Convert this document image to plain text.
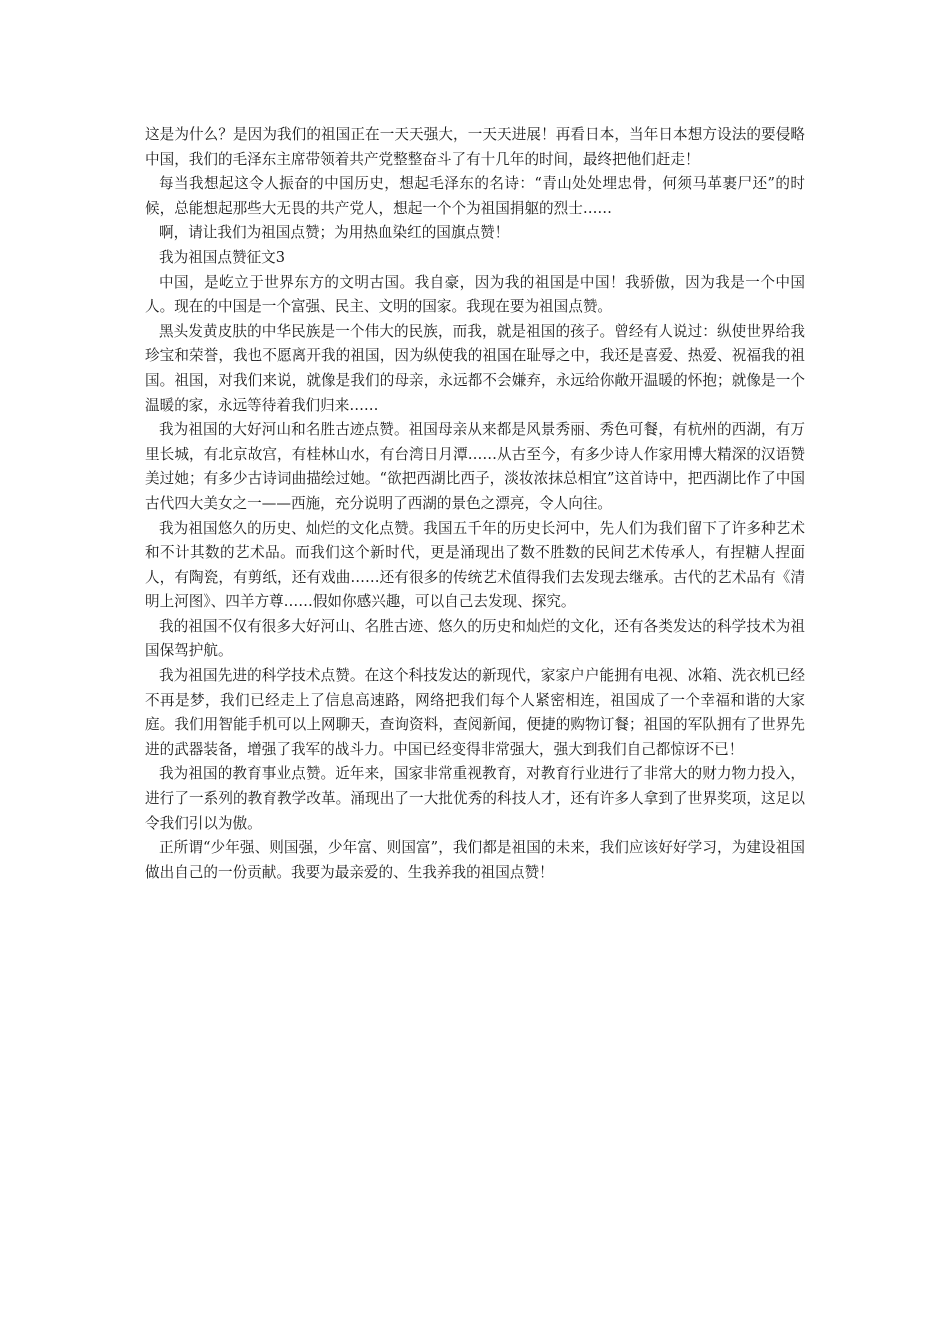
这是为什么？是因为我们的祖国正在一天天强大，一天天进展！再看日本，当年日本想方设法的要侵略中国，我们的毛泽东主席带领着共产党整整奋斗了有十几年的时间，最终把他们赶走！

每当我想起这令人振奋的中国历史，想起毛泽东的名诗：“青山处处埋忠骨，何须马革裹尸还”的时候，总能想起那些大无畏的共产党人，想起一个个为祖国捐躯的烈士……

啊，请让我们为祖国点赞；为用热血染红的国旗点赞！

我为祖国点赞征文3

中国，是屹立于世界东方的文明古国。我自豪，因为我的祖国是中国！我骄傲，因为我是一个中国人。现在的中国是一个富强、民主、文明的国家。我现在要为祖国点赞。

黑头发黄皮肤的中华民族是一个伟大的民族，而我，就是祖国的孩子。曾经有人说过：纵使世界给我珍宝和荣誉，我也不愿离开我的祖国，因为纵使我的祖国在耻辱之中，我还是喜爱、热爱、祝福我的祖国。祖国，对我们来说，就像是我们的母亲，永远都不会嫌弃，永远给你敞开温暖的怀抱；就像是一个温暖的家，永远等待着我们归来……

我为祖国的大好河山和名胜古迹点赞。祖国母亲从来都是风景秀丽、秀色可餐，有杭州的西湖，有万里长城，有北京故宫，有桂林山水，有台湾日月潭……从古至今，有多少诗人作家用博大精深的汉语赞美过她；有多少古诗词曲描绘过她。“欲把西湖比西子，淡妆浓抹总相宜”这首诗中，把西湖比作了中国古代四大美女之一——西施，充分说明了西湖的景色之漂亮，令人向往。

我为祖国悠久的历史、灿烂的文化点赞。我国五千年的历史长河中，先人们为我们留下了许多种艺术和不计其数的艺术品。而我们这个新时代，更是涌现出了数不胜数的民间艺术传承人，有捏糖人捏面人，有陶瓷，有剪纸，还有戏曲……还有很多的传统艺术值得我们去发现去继承。古代的艺术品有《清明上河图》、四羊方尊……假如你感兴趣，可以自己去发现、探究。

我的祖国不仅有很多大好河山、名胜古迹、悠久的历史和灿烂的文化，还有各类发达的科学技术为祖国保驾护航。

我为祖国先进的科学技术点赞。在这个科技发达的新现代，家家户户能拥有电视、冰箱、洗衣机已经不再是梦，我们已经走上了信息高速路，网络把我们每个人紧密相连，祖国成了一个幸福和谐的大家庭。我们用智能手机可以上网聊天，查询资料，查阅新闻，便捷的购物订餐；祖国的军队拥有了世界先进的武器装备，增强了我军的战斗力。中国已经变得非常强大，强大到我们自己都惊讶不已！

我为祖国的教育事业点赞。近年来，国家非常重视教育，对教育行业进行了非常大的财力物力投入，进行了一系列的教育教学改革。涌现出了一大批优秀的科技人才，还有许多人拿到了世界奖项，这足以令我们引以为傲。

正所谓“少年强、则国强，少年富、则国富”，我们都是祖国的未来，我们应该好好学习，为建设祖国做出自己的一份贡献。我要为最亲爱的、生我养我的祖国点赞！
